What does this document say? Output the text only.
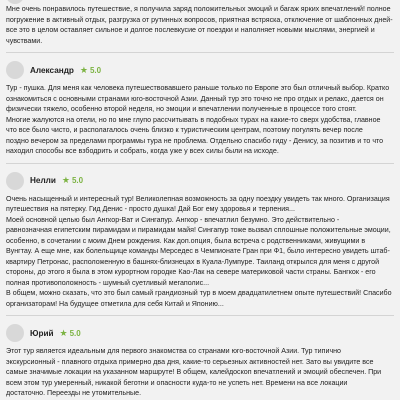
Мне очень понравилось путешествие, я получила заряд положительных эмоций и багаж ярких впечатлений! полное
погружение в активный отдых, разгрузка от рутинных вопросов, приятная встряска, отключение от шаблонных дней-
все это в целом оставляет сильное и долгое послевкусие от поездки и наполняет новыми мыслями, энергией и
чувствами.
Александр ★ 5.0
Тур - пушка. Для меня как человека путешествовавшего раньше только по Европе это был отличный выбор. Кратко
ознакомиться с основными странами юго-восточной Азии. Данный тур это точно не про отдых и релакс, дается он
физически тяжело, особенно второй неделя, но эмоции и впечатлении полученные в процессе того стоят.
Многие жалуются на отели, но по мне глупо рассчитывать в подобных турах на какие-то сверх удобства, главное
что все было чисто, и располагалось очень близко к туристическим центрам, поэтому погулять вечер после
поздно вечером за пределами программы тура не проблема. Отдельно спасибо гиду - Денису, за позитив и то что
находил способы все взбодрить и собрать, когда уже у всех силы были на исходе.
Нелли ★ 5.0
Очень насыщенный и интересный тур! Великолепная возможность за одну поездку увидеть так много. Организация
путешествия на пятерку. Гид Денис - просто душка! Дай Бог ему здоровья и терпения...
Моей основной целью был Ангкор-Ват и Сингапур. Ангкор - впечатлил безумно. Это действительно -
равнозначная египетским пирамидам и пирамидам майя! Сингапур тоже вызвал сплошные положительные эмоции,
особенно, в сочетании с моим Днем рождения. Как доп.опция, была встреча с родственниками, живущими в
Вунгтау. А еще мне, как болельщице команды Мерседес в Чемпионате Гран при Ф1, было интересно увидеть штаб-
квартиру Петронас, расположенную в башнях-близнецах в Куала-Лумпуре. Таиланд открылся для меня с другой
стороны, до этого я была в этом курортном городке Као-Лак на севере материковой части страны. Бангкок - его
полная противоположность - шумный суетливый мегаполис...
В общем, можно сказать, что это был самый грандиозный тур в моем двадцатилетнем опыте путешествий! Спасибо
организаторам! На будущее отметила для себя Китай и Японию...
Юрий ★ 5.0
Этот тур является идеальным для первого знакомства со странами юго-восточной Азии. Тур типично
экскурсионный - плавного отдыха примерно два дня, какие-то серьезных активностей нет. Зато вы увидите все
самые значимые локации на указанном маршруте! В общем, калейдоскоп впечатлений и эмоций обеспечен. При
всем этом тур умеренный, никакой беготни и опасности куда-то не успеть нет. Времени на все локации
достаточно. Переезды не утомительные.
